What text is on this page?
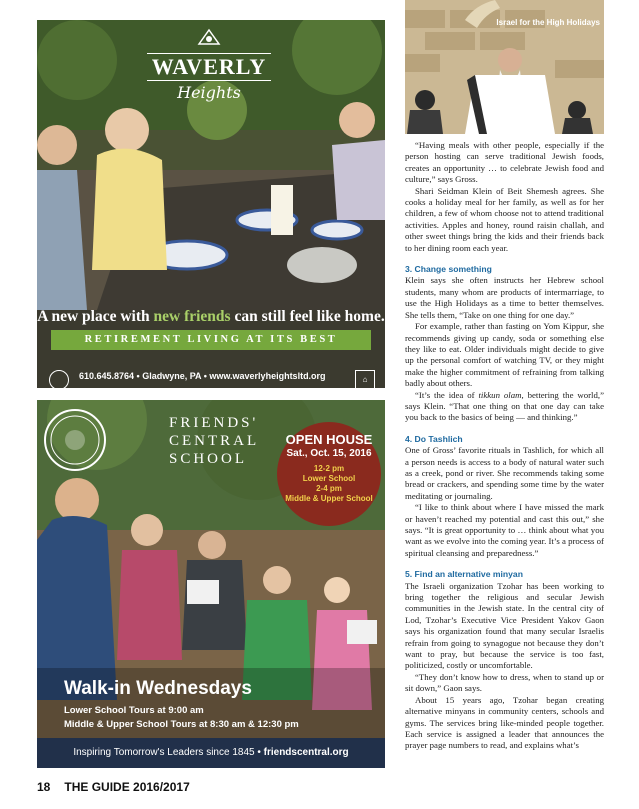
WAVERLY
Heights
A new place with new friends can still feel like home.
RETIREMENT LIVING AT ITS BEST
610.645.8764 • Gladwyne, PA • www.waverlyheightsltd.org	⌂
FRIENDS'
CENTRAL
SCHOOL
OPEN HOUSE
Sat., Oct. 15, 2016
12-2 pm
Lower School
2-4 pm
Middle & Upper School
Walk-in Wednesdays
Lower School Tours at 9:00 am
Middle & Upper School Tours at 8:30 am & 12:30 pm
Inspiring Tomorrow's Leaders since 1845 • friendscentral.org
Israel for the High Holidays

“Having meals with other people, especially if the person hosting can serve traditional Jewish foods, creates an opportunity … to celebrate Jewish food and culture,” says Gross.

Shari Seidman Klein of Beit Shemesh agrees. She cooks a holiday meal for her family, as well as for her children, a few of whom choose not to attend traditional activities. Apples and honey, round raisin challah, and other sweet things bring the kids and their friends back to her dining room each year.

3. Change something

Klein says she often instructs her Hebrew school students, many whom are products of intermarriage, to use the High Holidays as a time to better themselves. She tells them, “Take on one thing for one day.”

For example, rather than fasting on Yom Kippur, she recommends giving up candy, soda or something else they like to eat. Older individuals might decide to give up the personal comfort of watching TV, or they might make the higher commitment of refraining from talking badly about others.

“It’s the idea of tikkun olam, bettering the world,” says Klein. “That one thing on that one day can take you back to the basics of being — and thinking.”

4. Do Tashlich

One of Gross’ favorite rituals in Tashlich, for which all a person needs is access to a body of natural water such as a creek, pond or river. She recommends taking some bread or crackers, and spending some time by the water meditating or journaling.

“I like to think about where I have missed the mark or haven’t reached my potential and cast this out,” she says. “It is great opportunity to … think about what you want as we evolve into the coming year. It’s a process of spiritual cleansing and preparedness.”

5. Find an alternative minyan

The Israeli organization Tzohar has been working to bring together the religious and secular Jewish communities in the Jewish state. In the central city of Lod, Tzohar’s Executive Vice President Yakov Gaon says his organization found that many secular Israelis refrain from going to synagogue not because they don’t want to pray, but because the service is too fast, politicized, costly or uncomfortable.

“They don’t know how to dress, when to stand up or sit down,” Gaon says.

About 15 years ago, Tzohar began creating alternative minyans in community centers, schools and gyms. The services bring like-minded people together. Each service is assigned a leader that announces the prayer page numbers to read, and explains what’s

18 THE GUIDE 2016/2017
